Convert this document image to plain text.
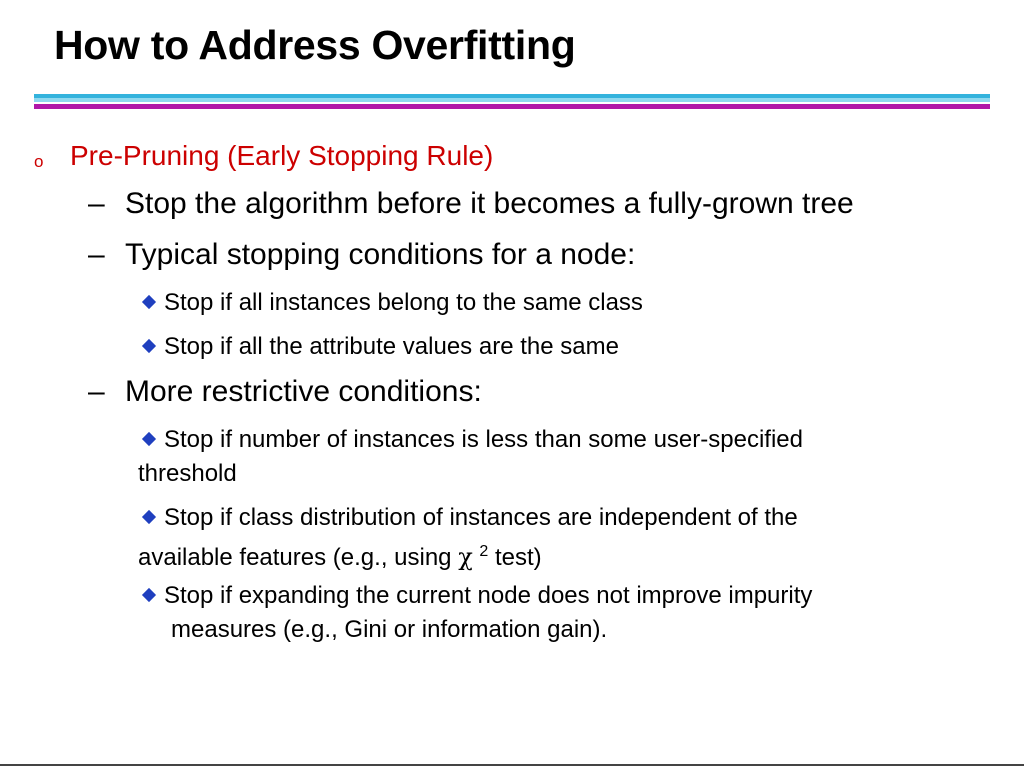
How to Address Overfitting
o Pre-Pruning (Early Stopping Rule)
– Stop the algorithm before it becomes a fully-grown tree
– Typical stopping conditions for a node:
Stop if all instances belong to the same class
Stop if all the attribute values are the same
– More restrictive conditions:
Stop if number of instances is less than some user-specified
threshold
Stop if class distribution of instances are independent of the
available features (e.g., using χ $^2$ test)
Stop if expanding the current node does not improve impurity
measures (e.g., Gini or information gain).
